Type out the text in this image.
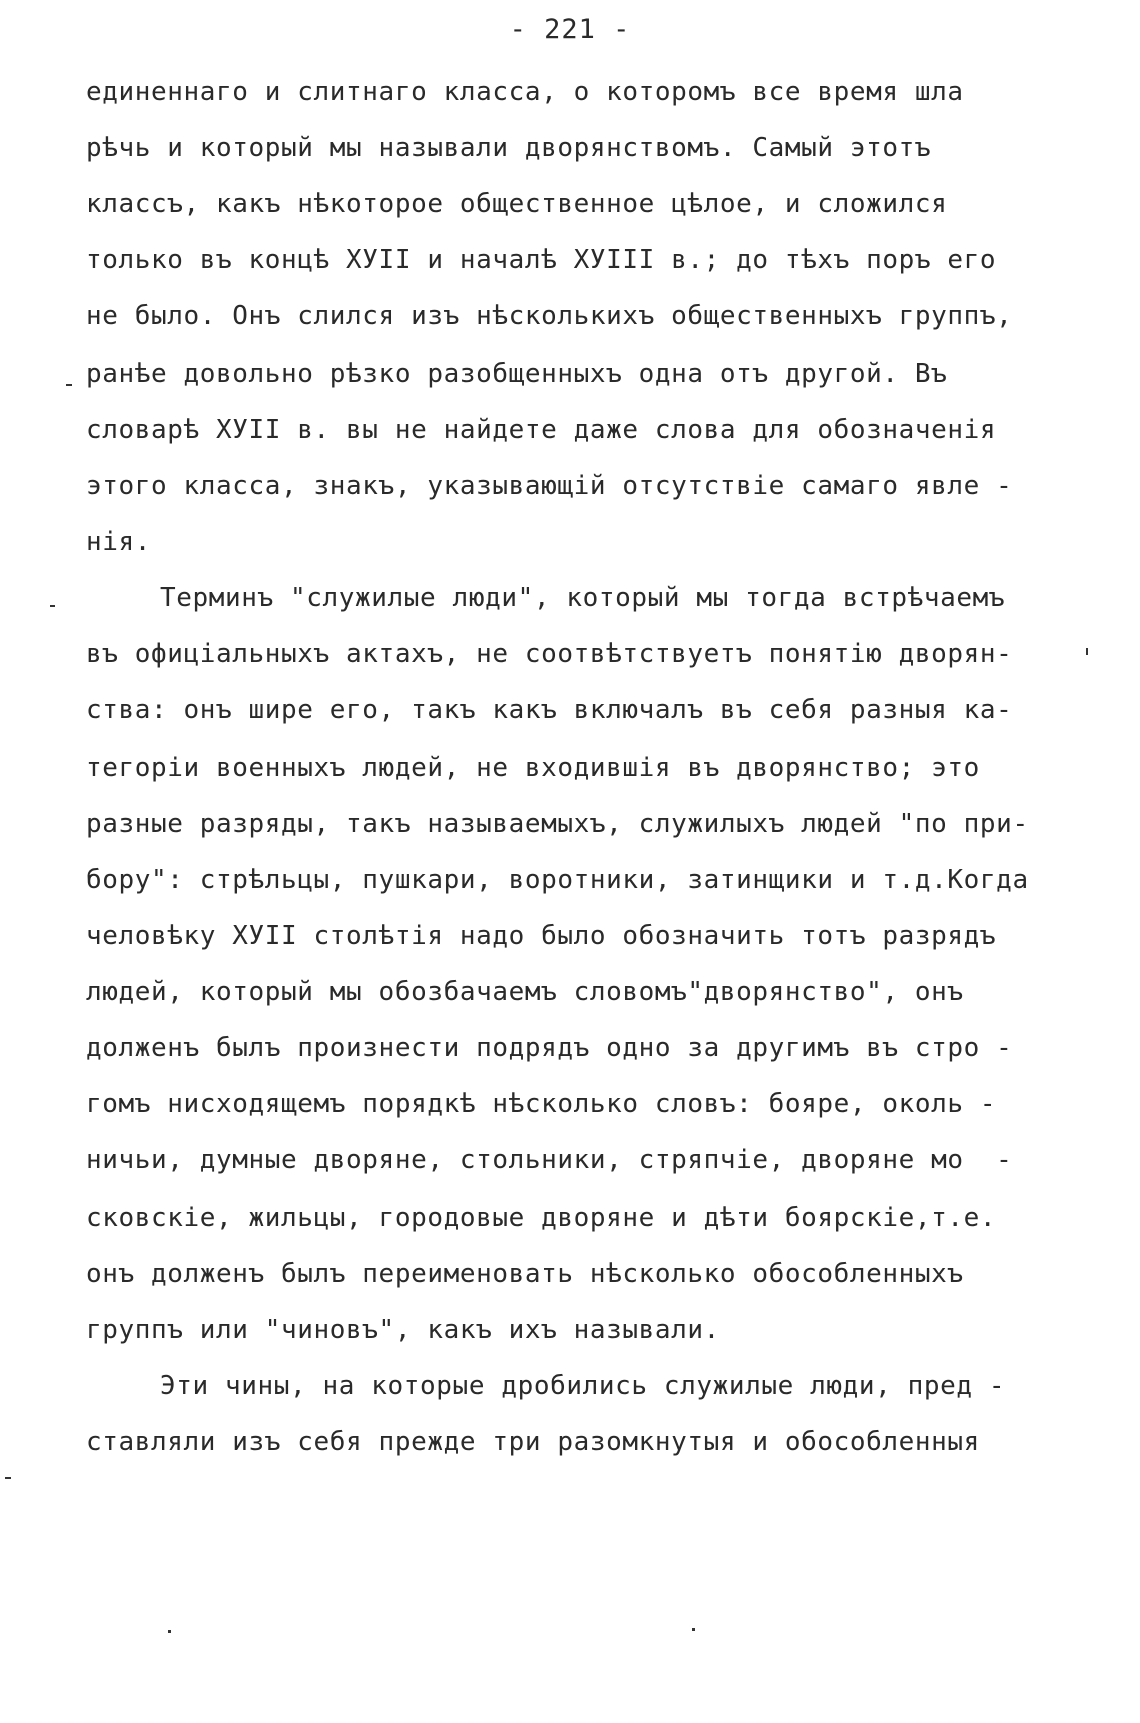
- 221 -
единеннаго и слитнаго класса, о которомъ все время шла
рѣчь и который мы называли дворянствомъ. Самый этотъ
классъ, какъ нѣкоторое общественное цѣлое, и сложился
только въ концѣ XУII и началѣ XУIII в.; до тѣхъ поръ его
не было. Онъ слился изъ нѣсколькихъ общественныхъ группъ,
ранѣе довольно рѣзко разобщенныхъ одна отъ другой. Въ
словарѣ XУII в. вы не найдете даже слова для обозначенія
этого класса, знакъ, указывающій отсутствіе самаго явле -
нія.
Терминъ "служилые люди", который мы тогда встрѣчаемъ
въ офиціальныхъ актахъ, не соотвѣтствуетъ понятію дворян-
ства: онъ шире его, такъ какъ включалъ въ себя разныя ка-
тегоріи военныхъ людей, не вxодившія въ дворянство; это
разные разряды, такъ называемыхъ, служилыхъ людей "по при-
бору": стрѣльцы, пушкари, воротники, затинщики и т.д.Когда
человѣку XУII столѣтія надо было обозначить тотъ разрядъ
людей, который мы обозбачаемъ словомъ"дворянство", онъ
долженъ былъ произнести подрядъ одно за другимъ въ стро -
гомъ нисходящемъ порядкѣ нѣсколько словъ: бояре, околь -
ничьи, думные дворяне, стольники, стряпчіе, дворяне мо  -
сковскіе, жильцы, городовые дворяне и дѣти боярскіе,т.е.
онъ долженъ былъ переименовать нѣсколько обособленныхъ
группъ или "чиновъ", какъ ихъ называли.
Эти чины, на которые дробились служилые люди, пред -
ставляли изъ себя прежде три разомкнутыя и обособленныя
